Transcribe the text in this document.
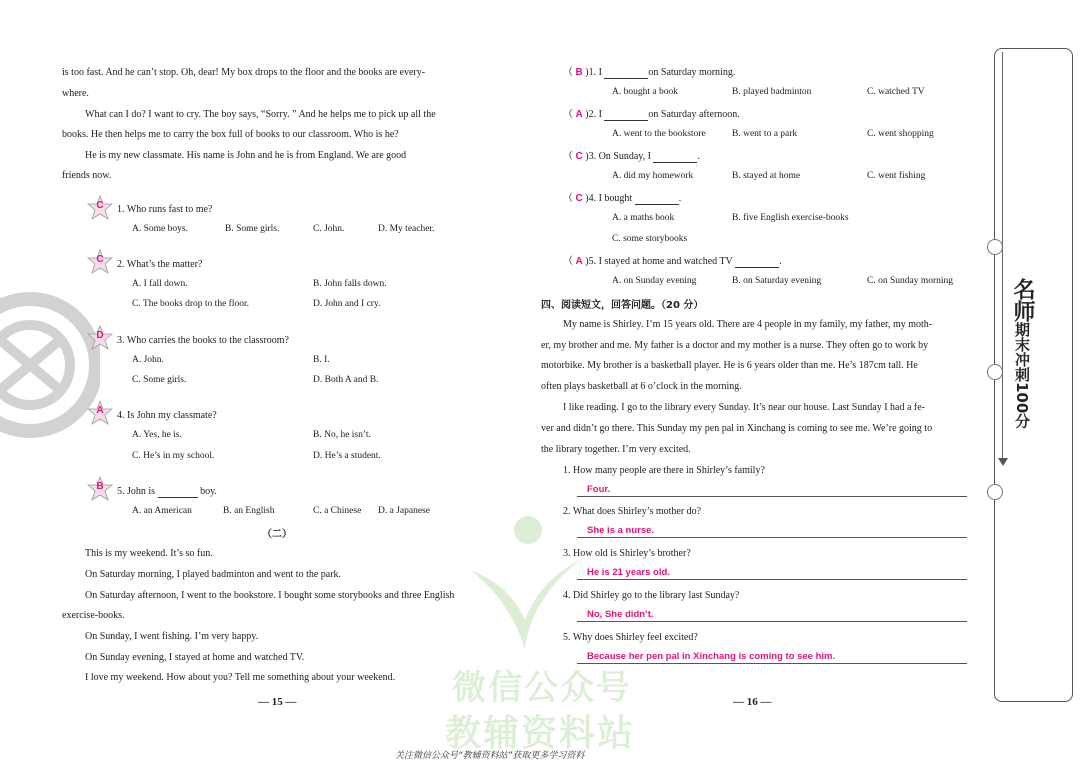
微信公众号
教辅资料站
is too fast. And he can’t stop. Oh, dear! My box drops to the floor and the books are every-
where.
What can I do? I want to cry. The boy says, “Sorry. ” And he helps me to pick up all the
books. He then helps me to carry the box full of books to our classroom. Who is he?
He is my new classmate. His name is John and he is from England. We are good
friends now.
C	1. Who runs fast to me?
A. Some boys.	B. Some girls.	C. John.	D. My teacher.
C	2. What’s the matter?
A. I fall down.	B. John falls down.
C. The books drop to the floor.	D. John and I cry.
D	3. Who carries the books to the classroom?
A. John.	B. I.
C. Some girls.	D. Both A and B.
A	4. Is John my classmate?
A. Yes, he is.	B. No, he isn’t.
C. He’s in my school.	D. He’s a student.
B	5. John is	boy.
A. an American	B. an English	C. a Chinese D. a Japanese
（二）
This is my weekend. It’s so fun.
On Saturday morning, I played badminton and went to the park.
On Saturday afternoon, I went to the bookstore. I bought some storybooks and three English
exercise-books.
On Sunday, I went fishing. I’m very happy.
On Sunday evening, I stayed at home and watched TV.
I love my weekend. How about you? Tell me something about your weekend.
— 15 —
（ B )1. I	on Saturday morning.
A. bought a book	B. played badminton	C. watched TV
（ A )2. I	on Saturday afternoon.
A. went to the bookstore	B. went to a park	C. went shopping
（ C )3. On Sunday, I	.
A. did my homework	B. stayed at home	C. went fishing
（ C )4. I bought	.
A. a maths book	B. five English exercise-books
C. some storybooks
（ A )5. I stayed at home and watched TV	.
A. on Sunday evening	B. on Saturday evening	C. on Sunday morning
四、阅读短文，回答问题。（20 分）
My name is Shirley. I’m 15 years old. There are 4 people in my family, my father, my moth-
er, my brother and me. My father is a doctor and my mother is a nurse. They often go to work by
motorbike. My brother is a basketball player. He is 6 years older than me. He’s 187cm tall. He
often plays basketball at 6 o’clock in the morning.
I like reading. I go to the library every Sunday. It’s near our house. Last Sunday I had a fe-
ver and didn’t go there. This Sunday my pen pal in Xinchang is coming to see me. We’re going to
the library together. I’m very excited.
1. How many people are there in Shirley’s family?
Four.
2. What does Shirley’s mother do?
She is a nurse.
3. How old is Shirley’s brother?
He is 21 years old.
4. Did Shirley go to the library last Sunday?
No, She didn’t.
5. Why does Shirley feel excited?
Because her pen pal in Xinchang is coming to see him.
— 16 —
名师期末冲刺100分
关注微信公众号“教辅资料站”获取更多学习资料
